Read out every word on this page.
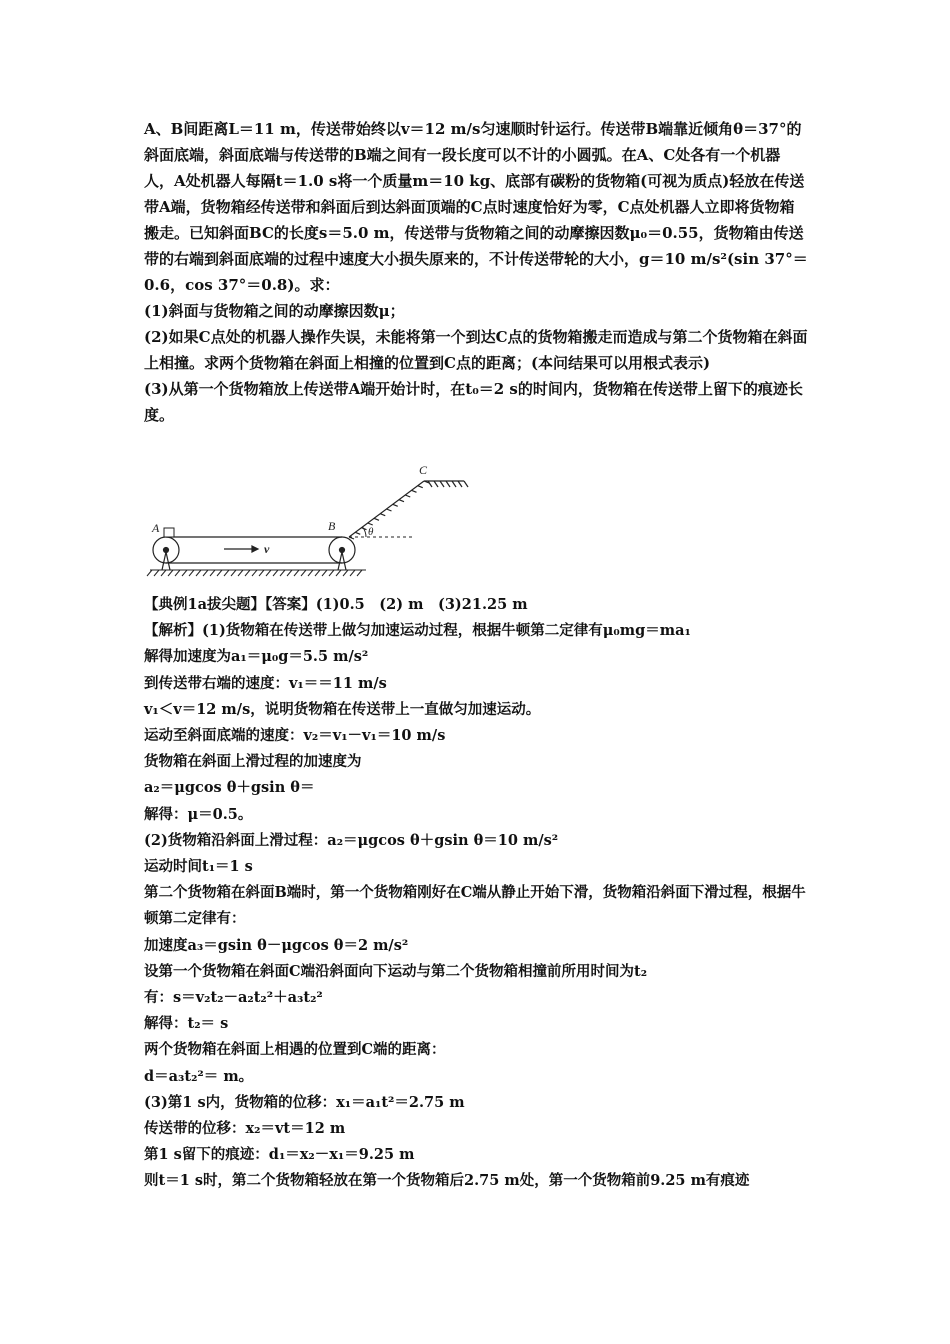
A、B间距离L＝11 m，传送带始终以v＝12 m/s匀速顺时针运行。传送带B端靠近倾角θ＝37°的斜面底端，斜面底端与传送带的B端之间有一段长度可以不计的小圆弧。在A、C处各有一个机器人，A处机器人每隔t＝1.0 s将一个质量m＝10 kg、底部有碳粉的货物箱(可视为质点)轻放在传送带A端，货物箱经传送带和斜面后到达斜面顶端的C点时速度恰好为零，C点处机器人立即将货物箱搬走。已知斜面BC的长度s＝5.0 m，传送带与货物箱之间的动摩擦因数μ₀＝0.55，货物箱由传送带的右端到斜面底端的过程中速度大小损失原来的，不计传送带轮的大小，g＝10 m/s²(sin 37°＝0.6，cos 37°＝0.8)。求：

(1)斜面与货物箱之间的动摩擦因数μ；

(2)如果C点处的机器人操作失误，未能将第一个到达C点的货物箱搬走而造成与第二个货物箱在斜面上相撞。求两个货物箱在斜面上相撞的位置到C点的距离；(本问结果可以用根式表示)

(3)从第一个货物箱放上传送带A端开始计时，在t₀＝2 s的时间内，货物箱在传送带上留下的痕迹长度。

A	B
C
v
θ

【典例1a拔尖题】【答案】(1)0.5　(2) m　(3)21.25 m

【解析】(1)货物箱在传送带上做匀加速运动过程，根据牛顿第二定律有μ₀mg＝ma₁

解得加速度为a₁＝μ₀g＝5.5 m/s²

到传送带右端的速度：v₁＝＝11 m/s

v₁＜v＝12 m/s，说明货物箱在传送带上一直做匀加速运动。

运动至斜面底端的速度：v₂＝v₁－v₁＝10 m/s

货物箱在斜面上滑过程的加速度为

a₂＝μgcos θ＋gsin θ＝

解得：μ＝0.5。

(2)货物箱沿斜面上滑过程：a₂＝μgcos θ＋gsin θ＝10 m/s²

运动时间t₁＝1 s

第二个货物箱在斜面B端时，第一个货物箱刚好在C端从静止开始下滑，货物箱沿斜面下滑过程，根据牛顿第二定律有：

加速度a₃＝gsin θ－μgcos θ＝2 m/s²

设第一个货物箱在斜面C端沿斜面向下运动与第二个货物箱相撞前所用时间为t₂

有：s＝v₂t₂－a₂t₂²＋a₃t₂²

解得：t₂＝ s

两个货物箱在斜面上相遇的位置到C端的距离：

d＝a₃t₂²＝ m。

(3)第1 s内，货物箱的位移：x₁＝a₁t²＝2.75 m

传送带的位移：x₂＝vt＝12 m

第1 s留下的痕迹：d₁＝x₂－x₁＝9.25 m

则t＝1 s时，第二个货物箱轻放在第一个货物箱后2.75 m处，第一个货物箱前9.25 m有痕迹
